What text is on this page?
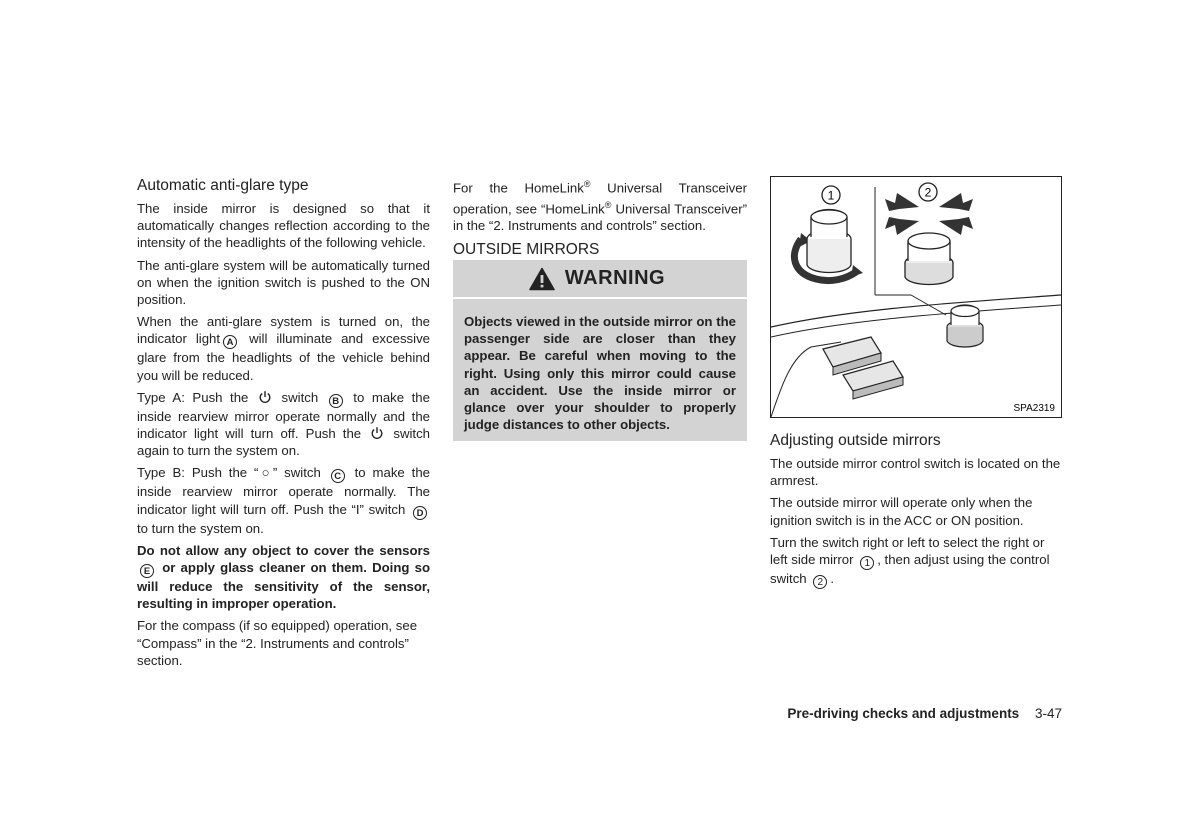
Automatic anti-glare type

The inside mirror is designed so that it automatically changes reflection according to the intensity of the headlights of the following vehicle.

The anti-glare system will be automatically turned on when the ignition switch is pushed to the ON position.

When the anti-glare system is turned on, the indicator light A will illuminate and excessive glare from the headlights of the vehicle behind you will be reduced.

Type A: Push the	switch B to make the inside rearview mirror operate normally and the indicator light will turn off. Push the switch again to turn the system on.

Type B: Push the “○” switch C to make the inside rearview mirror operate normally. The indicator light will turn off. Push the “I” switch D to turn the system on.

Do not allow any object to cover the sensors E or apply glass cleaner on them. Doing so will reduce the sensitivity of the sensor, resulting in improper operation.

For the compass (if so equipped) operation, see “Compass” in the “2. Instruments and controls” section.

For the HomeLink® Universal Transceiver operation, see “HomeLink® Universal Transceiver” in the “2. Instruments and controls” section.

OUTSIDE MIRRORS
WARNING
Objects viewed in the outside mirror on the passenger side are closer than they appear. Be careful when moving to the right. Using only this mirror could cause an accident. Use the inside mirror or glance over your shoulder to properly judge distances to other objects.
1	2
SPA2319
Adjusting outside mirrors

The outside mirror control switch is located on the armrest.

The outside mirror will operate only when the ignition switch is in the ACC or ON position.

Turn the switch right or left to select the right or left side mirror 1 , then adjust using the control switch 2 .

Pre-driving checks and adjustments 3-47
